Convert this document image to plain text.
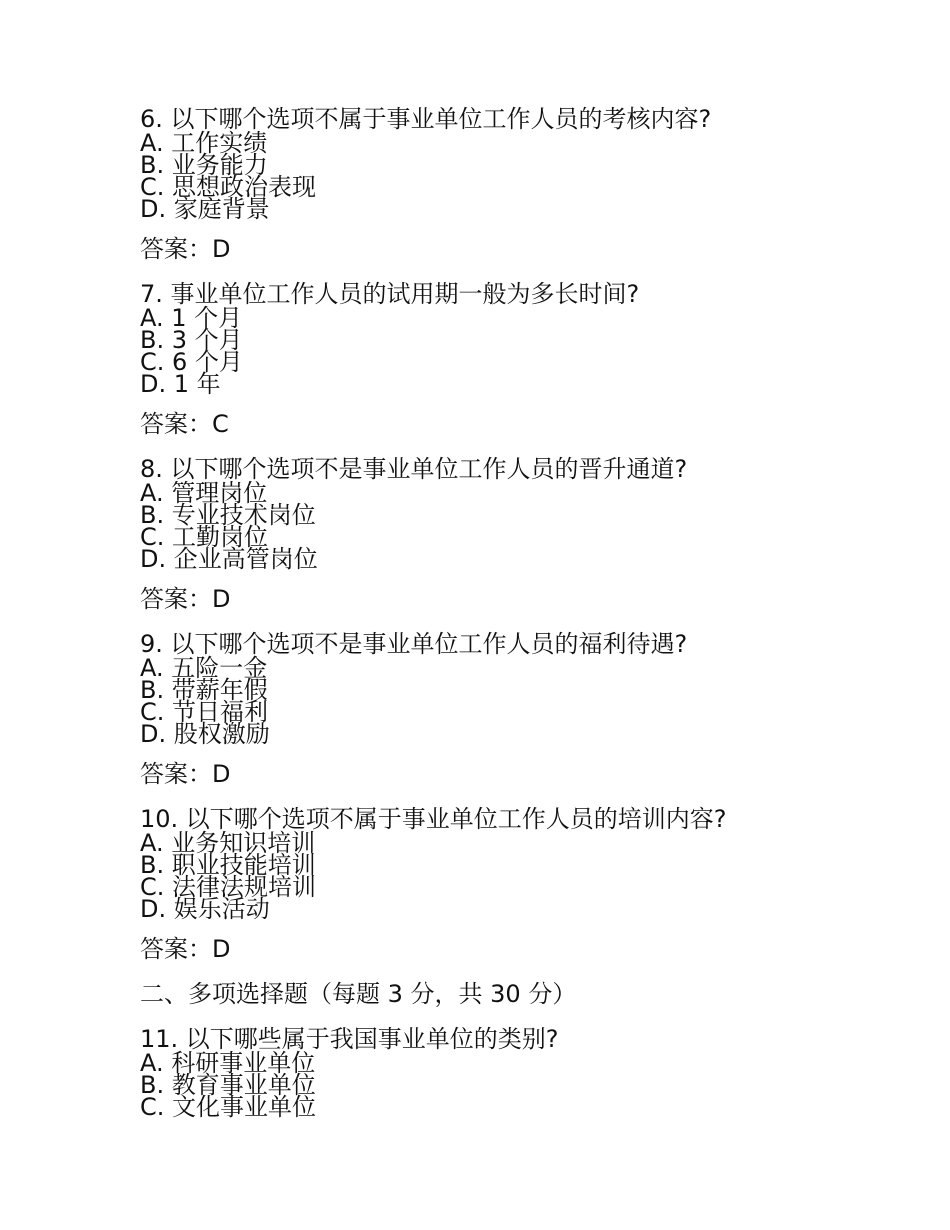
6. 以下哪个选项不属于事业单位工作人员的考核内容?
A. 工作实绩
B. 业务能力
C. 思想政治表现
D. 家庭背景
答案：D
7. 事业单位工作人员的试用期一般为多长时间?
A. 1 个月
B. 3 个月
C. 6 个月
D. 1 年
答案：C
8. 以下哪个选项不是事业单位工作人员的晋升通道?
A. 管理岗位
B. 专业技术岗位
C. 工勤岗位
D. 企业高管岗位
答案：D
9. 以下哪个选项不是事业单位工作人员的福利待遇?
A. 五险一金
B. 带薪年假
C. 节日福利
D. 股权激励
答案：D
10. 以下哪个选项不属于事业单位工作人员的培训内容?
A. 业务知识培训
B. 职业技能培训
C. 法律法规培训
D. 娱乐活动
答案：D
二、多项选择题（每题 3 分，共 30 分）
11. 以下哪些属于我国事业单位的类别?
A. 科研事业单位
B. 教育事业单位
C. 文化事业单位
